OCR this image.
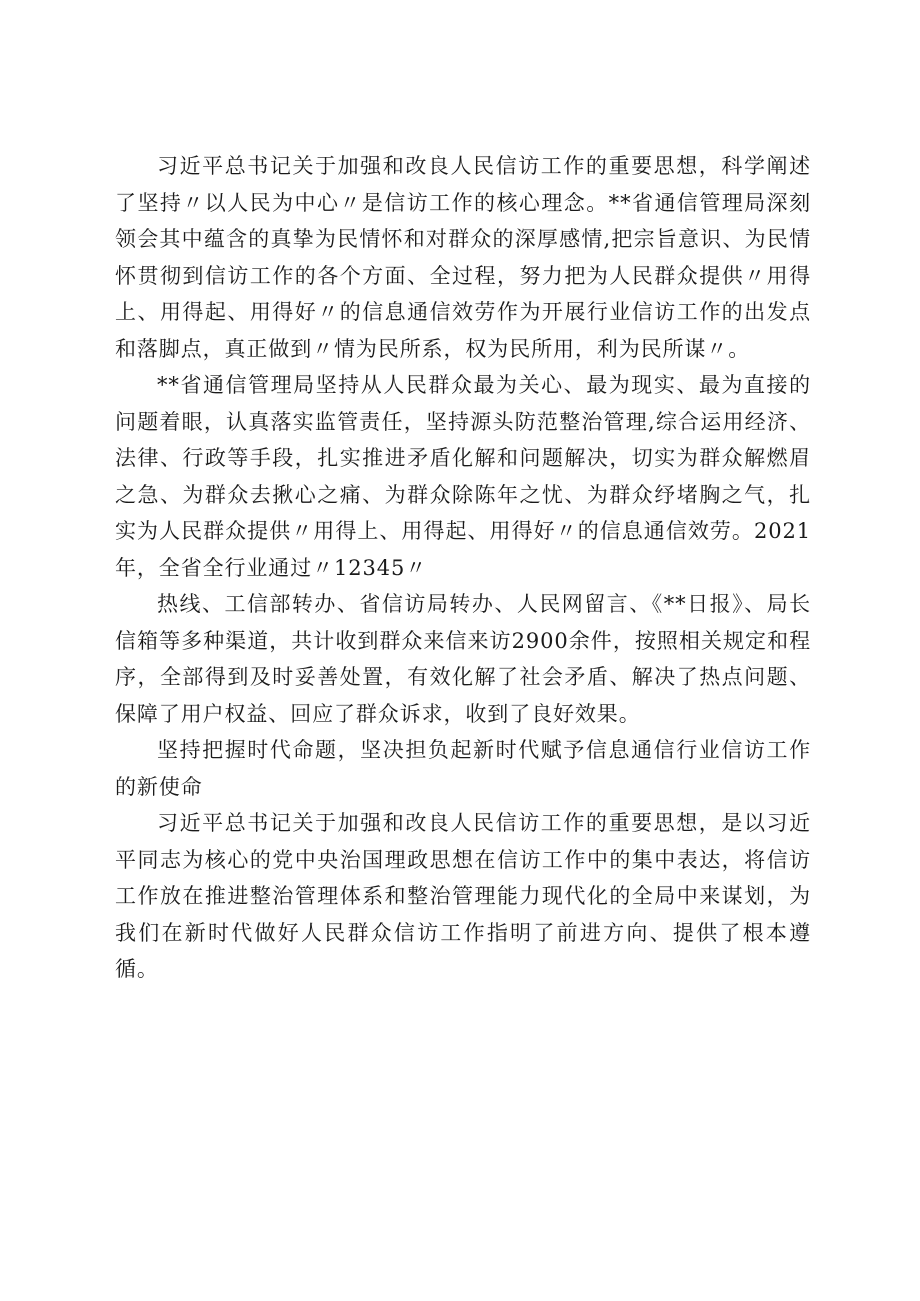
习近平总书记关于加强和改良人民信访工作的重要思想，科学阐述了坚持〃以人民为中心〃是信访工作的核心理念。**省通信管理局深刻领会其中蕴含的真挚为民情怀和对群众的深厚感情,把宗旨意识、为民情怀贯彻到信访工作的各个方面、全过程，努力把为人民群众提供〃用得上、用得起、用得好〃的信息通信效劳作为开展行业信访工作的出发点和落脚点，真正做到〃情为民所系，权为民所用，利为民所谋〃。

**省通信管理局坚持从人民群众最为关心、最为现实、最为直接的问题着眼，认真落实监管责任，坚持源头防范整治管理,综合运用经济、法律、行政等手段，扎实推进矛盾化解和问题解决，切实为群众解燃眉之急、为群众去揪心之痛、为群众除陈年之忧、为群众纾堵胸之气，扎实为人民群众提供〃用得上、用得起、用得好〃的信息通信效劳。2021年，全省全行业通过〃12345〃

热线、工信部转办、省信访局转办、人民网留言、《**日报》、局长信箱等多种渠道，共计收到群众来信来访2900余件，按照相关规定和程序，全部得到及时妥善处置，有效化解了社会矛盾、解决了热点问题、保障了用户权益、回应了群众诉求，收到了良好效果。

坚持把握时代命题，坚决担负起新时代赋予信息通信行业信访工作的新使命

习近平总书记关于加强和改良人民信访工作的重要思想，是以习近平同志为核心的党中央治国理政思想在信访工作中的集中表达，将信访工作放在推进整治管理体系和整治管理能力现代化的全局中来谋划，为我们在新时代做好人民群众信访工作指明了前进方向、提供了根本遵循。
